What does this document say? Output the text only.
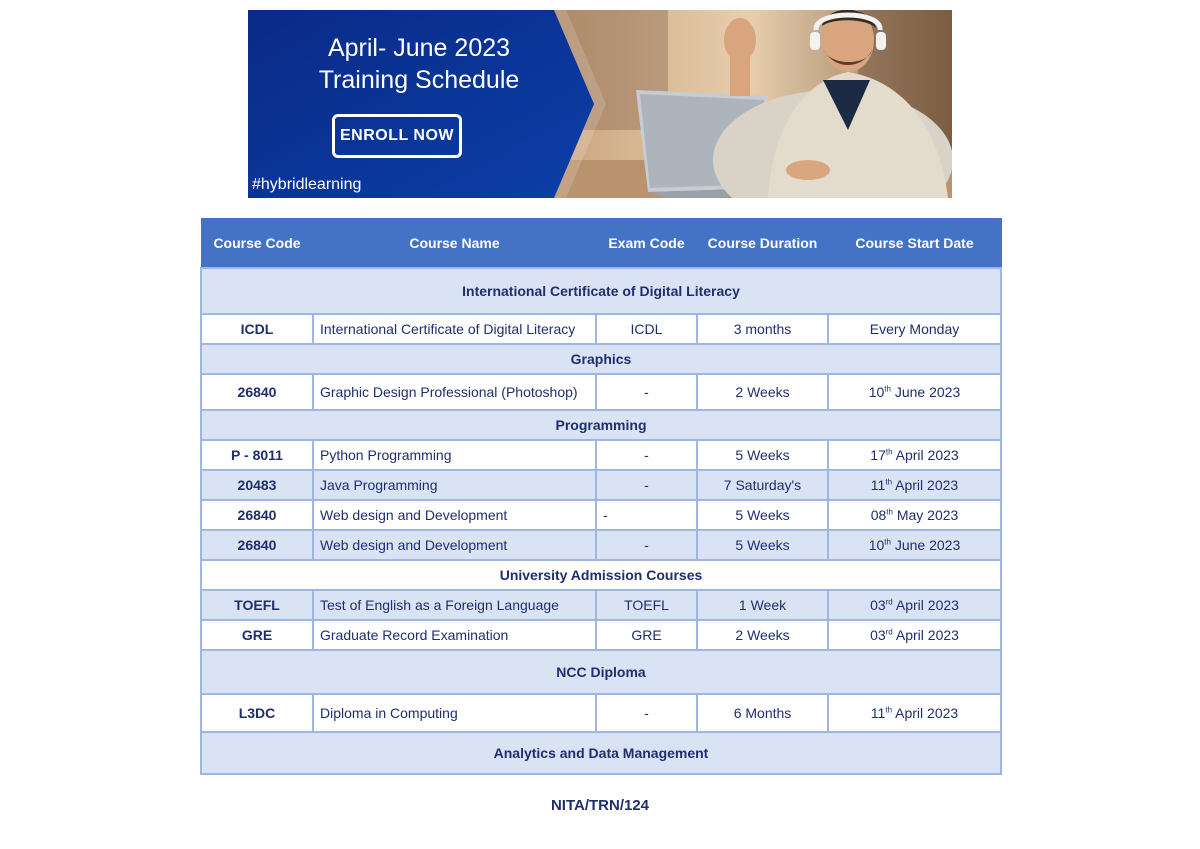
April- June 2023
Training Schedule
ENROLL NOW
#hybridlearning
Course Code	Course Name	Exam Code	Course Duration	Course Start Date
International Certificate of Digital Literacy				
ICDL	International Certificate of Digital Literacy	ICDL	3 months	Every Monday
Graphics				
26840	Graphic Design Professional (Photoshop)	-	2 Weeks	10th June 2023
Programming				
P - 8011	Python Programming	-	5 Weeks	17th April 2023
20483	Java Programming	-	7 Saturday's	11th April 2023
26840	Web design and Development	-	5 Weeks	08th May 2023
26840	Web design and Development	-	5 Weeks	10th June 2023
University Admission Courses				
TOEFL	Test of English as a Foreign Language	TOEFL	1 Week	03rd April 2023
GRE	Graduate Record Examination	GRE	2 Weeks	03rd April 2023
NCC Diploma				
L3DC	Diploma in Computing	-	6 Months	11th April 2023
Analytics and Data Management				
NITA/TRN/124
